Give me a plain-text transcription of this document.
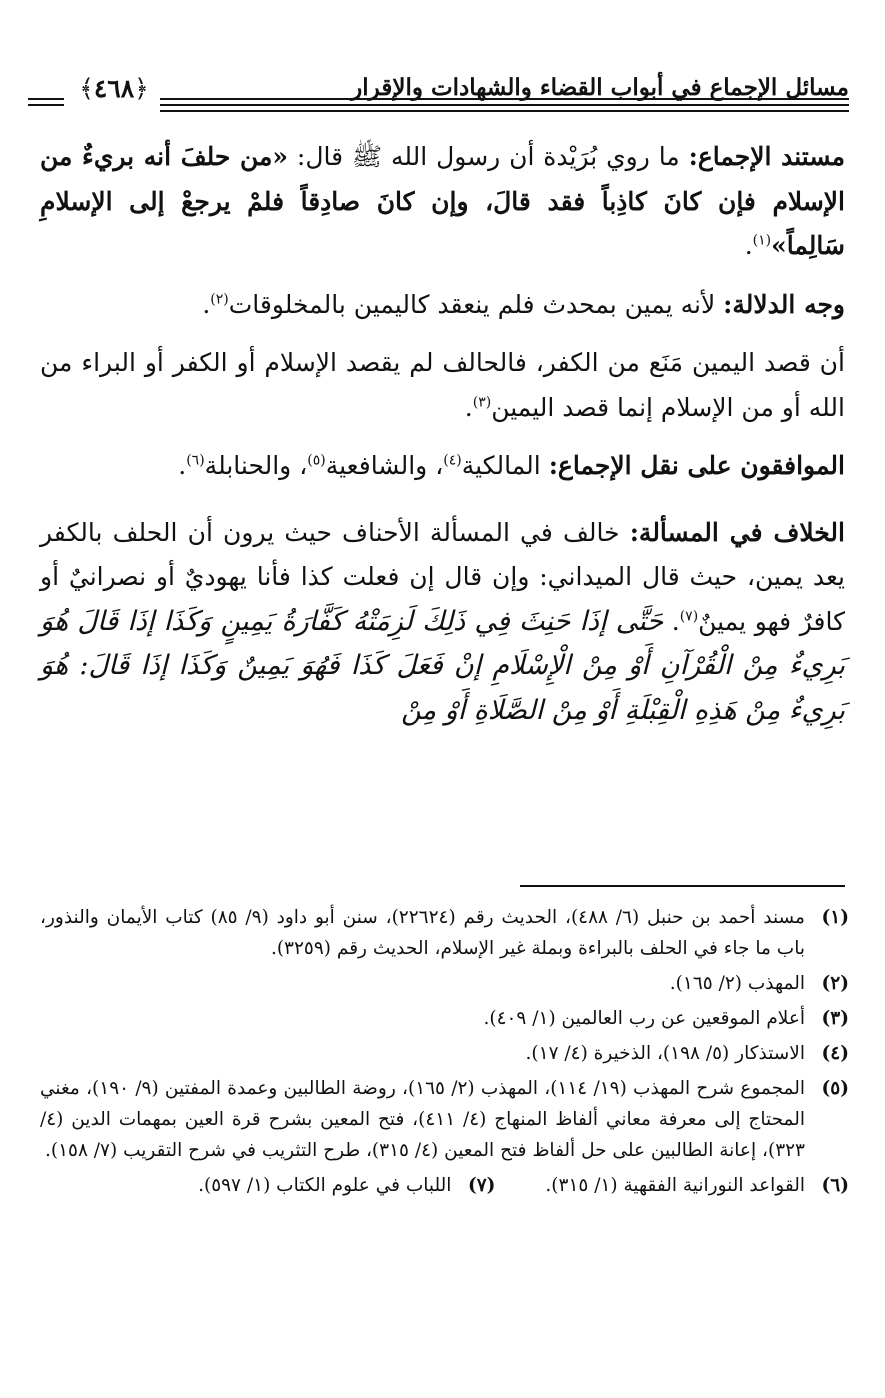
مسائل الإجماع في أبواب القضاء والشهادات والإقرار
﴿٤٦٨﴾

مستند الإجماع: ما روي بُرَيْدة أن رسول الله ﷺ قال: «من حلفَ أنه بريءٌ من الإسلام فإن كانَ كاذِباً فقد قالَ، وإن كانَ صادِقاً فلمْ يرجعْ إلى الإسلامِ سَالِماً»$^{(١)}$.

وجه الدلالة: لأنه يمين بمحدث فلم ينعقد كاليمين بالمخلوقات$^{(٢)}$.

أن قصد اليمين مَنَع من الكفر، فالحالف لم يقصد الإسلام أو الكفر أو البراء من الله أو من الإسلام إنما قصد اليمين$^{(٣)}$.

الموافقون على نقل الإجماع: المالكية$^{(٤)}$، والشافعية$^{(٥)}$، والحنابلة$^{(٦)}$.

الخلاف في المسألة: خالف في المسألة الأحناف حيث يرون أن الحلف بالكفر يعد يمين، حيث قال الميداني: وإن قال إن فعلت كذا فأنا يهوديٌ أو نصرانيٌ أو كافرٌ فهو يمينٌ$^{(٧)}$. حَتَّى إذَا حَنِثَ فِي ذَلِكَ لَزِمَتْهُ كَفَّارَةُ يَمِينٍ وَكَذَا إذَا قَالَ هُوَ بَرِيءٌ مِنْ الْقُرْآنِ أَوْ مِنْ الْإِسْلَامِ إنْ فَعَلَ كَذَا فَهُوَ يَمِينٌ وَكَذَا إذَا قَالَ: هُوَ بَرِيءٌ مِنْ هَذِهِ الْقِبْلَةِ أَوْ مِنْ الصَّلَاةِ أَوْ مِنْ

(١)
مسند أحمد بن حنبل (٦/ ٤٨٨)، الحديث رقم (٢٢٦٢٤)، سنن أبو داود (٩/ ٨٥) كتاب الأيمان والنذور، باب ما جاء في الحلف بالبراءة وبملة غير الإسلام، الحديث رقم (٣٢٥٩).
(٢)
المهذب (٢/ ١٦٥).
(٣)
أعلام الموقعين عن رب العالمين (١/ ٤٠٩).
(٤)
الاستذكار (٥/ ١٩٨)، الذخيرة (٤/ ١٧).
(٥)
المجموع شرح المهذب (١٩/ ١١٤)، المهذب (٢/ ١٦٥)، روضة الطالبين وعمدة المفتين (٩/ ١٩٠)، مغني المحتاج إلى معرفة معاني ألفاظ المنهاج (٤/ ٤١١)، فتح المعين بشرح قرة العين بمهمات الدين (٤/ ٣٢٣)، إعانة الطالبين على حل ألفاظ فتح المعين (٤/ ٣١٥)، طرح التثريب في شرح التقريب (٧/ ١٥٨).
(٦)
القواعد النورانية الفقهية (١/ ٣١٥).
(٧)
اللباب في علوم الكتاب (١/ ٥٩٧).
